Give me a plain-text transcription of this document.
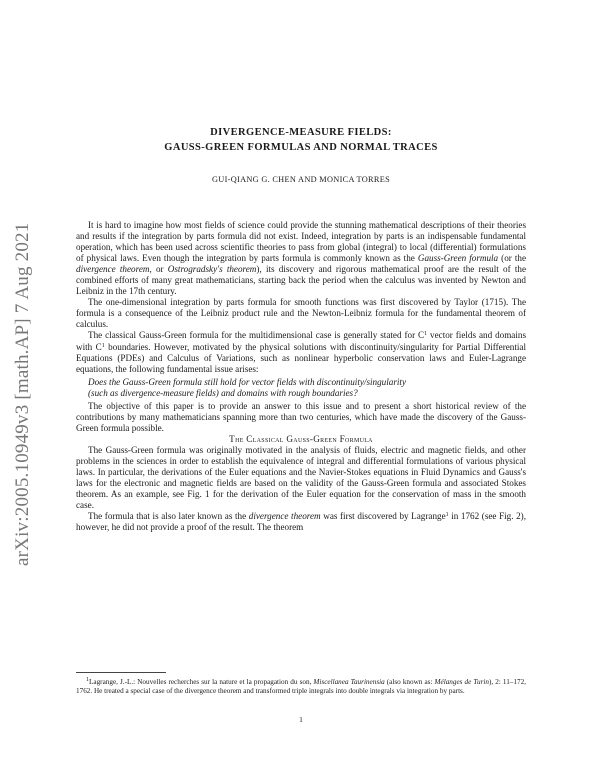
arXiv:2005.10949v3 [math.AP] 7 Aug 2021
DIVERGENCE-MEASURE FIELDS:
GAUSS-GREEN FORMULAS AND NORMAL TRACES
GUI-QIANG G. CHEN AND MONICA TORRES

It is hard to imagine how most fields of science could provide the stunning mathematical descriptions of their theories and results if the integration by parts formula did not exist. Indeed, integration by parts is an indispensable fundamental operation, which has been used across scientific theories to pass from global (integral) to local (differential) formulations of physical laws. Even though the integration by parts formula is commonly known as the Gauss-Green formula (or the divergence theorem, or Ostrogradsky's theorem), its discovery and rigorous mathematical proof are the result of the combined efforts of many great mathematicians, starting back the period when the calculus was invented by Newton and Leibniz in the 17th century.

The one-dimensional integration by parts formula for smooth functions was first discovered by Taylor (1715). The formula is a consequence of the Leibniz product rule and the Newton-Leibniz formula for the fundamental theorem of calculus.

The classical Gauss-Green formula for the multidimensional case is generally stated for $C^1$ vector fields and domains with $C^1$ boundaries. However, motivated by the physical solutions with discontinuity/singularity for Partial Differential Equations (PDEs) and Calculus of Variations, such as nonlinear hyperbolic conservation laws and Euler-Lagrange equations, the following fundamental issue arises:

Does the Gauss-Green formula still hold for vector fields with discontinuity/singularity
(such as divergence-measure fields) and domains with rough boundaries?

The objective of this paper is to provide an answer to this issue and to present a short historical review of the contributions by many mathematicians spanning more than two centuries, which have made the discovery of the Gauss-Green formula possible.

The Classical Gauss-Green Formula

The Gauss-Green formula was originally motivated in the analysis of fluids, electric and magnetic fields, and other problems in the sciences in order to establish the equivalence of integral and differential formulations of various physical laws. In particular, the derivations of the Euler equations and the Navier-Stokes equations in Fluid Dynamics and Gauss's laws for the electronic and magnetic fields are based on the validity of the Gauss-Green formula and associated Stokes theorem. As an example, see Fig. 1 for the derivation of the Euler equation for the conservation of mass in the smooth case.

The formula that is also later known as the divergence theorem was first discovered by Lagrange$^1$ in 1762 (see Fig. 2), however, he did not provide a proof of the result. The theorem

$^1$Lagrange, J.-L.: Nouvelles recherches sur la nature et la propagation du son, Miscellanea Taurinensia (also known as: Mélanges de Turin), 2: 11–172, 1762. He treated a special case of the divergence theorem and transformed triple integrals into double integrals via integration by parts.

1
